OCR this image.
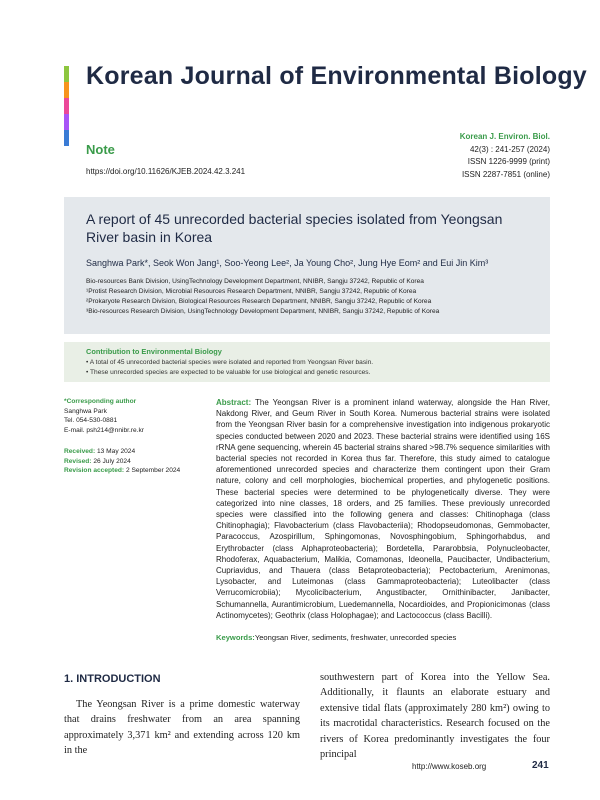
Korean Journal of Environmental Biology
Note
https://doi.org/10.11626/KJEB.2024.42.3.241
Korean J. Environ. Biol.
42(3) : 241-257 (2024)
ISSN 1226-9999 (print)
ISSN 2287-7851 (online)
A report of 45 unrecorded bacterial species isolated from Yeongsan River basin in Korea
Sanghwa Park*, Seok Won Jang¹, Soo-Yeong Lee², Ja Young Cho², Jung Hye Eom² and Eui Jin Kim³
Bio-resources Bank Division, UsingTechnology Development Department, NNIBR, Sangju 37242, Republic of Korea
¹Protist Research Division, Microbial Resources Research Department, NNIBR, Sangju 37242, Republic of Korea
²Prokaryote Research Division, Biological Resources Research Department, NNIBR, Sangju 37242, Republic of Korea
³Bio-resources Research Division, UsingTechnology Development Department, NNIBR, Sangju 37242, Republic of Korea
Contribution to Environmental Biology
• A total of 45 unrecorded bacterial species were isolated and reported from Yeongsan River basin.
• These unrecorded species are expected to be valuable for use biological and genetic resources.
*Corresponding author
Sanghwa Park
Tel. 054-530-0881
E-mail. psh214@nnibr.re.kr
Received: 13 May 2024
Revised: 26 July 2024
Revision accepted: 2 September 2024
Abstract: The Yeongsan River is a prominent inland waterway, alongside the Han River, Nakdong River, and Geum River in South Korea. Numerous bacterial strains were isolated from the Yeongsan River basin for a comprehensive investigation into indigenous prokaryotic species conducted between 2020 and 2023. These bacterial strains were identified using 16S rRNA gene sequencing, wherein 45 bacterial strains shared >98.7% sequence similarities with bacterial species not recorded in Korea thus far. Therefore, this study aimed to catalogue aforementioned unrecorded species and characterize them contingent upon their Gram nature, colony and cell morphologies, biochemical properties, and phylogenetic positions. These bacterial species were determined to be phylogenetically diverse. They were categorized into nine classes, 18 orders, and 25 families. These previously unrecorded species were classified into the following genera and classes: Chitinophaga (class Chitinophagia); Flavobacterium (class Flavobacteriia); Rhodopseudomonas, Gemmobacter, Paracoccus, Azospirillum, Sphingomonas, Novosphingobium, Sphingorhabdus, and Erythrobacter (class Alphaproteobacteria); Bordetella, Pararobbsia, Polynucleobacter, Rhodoferax, Aquabacterium, Malikia, Comamonas, Ideonella, Paucibacter, Undibacterium, Cupriavidus, and Thauera (class Betaproteobacteria); Pectobacterium, Arenimonas, Lysobacter, and Luteimonas (class Gammaproteobacteria); Luteolibacter (class Verrucomicrobiia); Mycolicibacterium, Angustibacter, Ornithinibacter, Janibacter, Schumannella, Aurantimicrobium, Luedemannella, Nocardioides, and Propionicimonas (class Actinomycetes); Geothrix (class Holophagae); and Lactococcus (class Bacilli).
Keywords:Yeongsan River, sediments, freshwater, unrecorded species
1. INTRODUCTION
The Yeongsan River is a prime domestic waterway that drains freshwater from an area spanning approximately 3,371 km² and extending across 120 km in the
southwestern part of Korea into the Yellow Sea. Additionally, it flaunts an elaborate estuary and extensive tidal flats (approximately 280 km²) owing to its macrotidal characteristics. Research focused on the rivers of Korea predominantly investigates the four principal
http://www.koseb.org	241
